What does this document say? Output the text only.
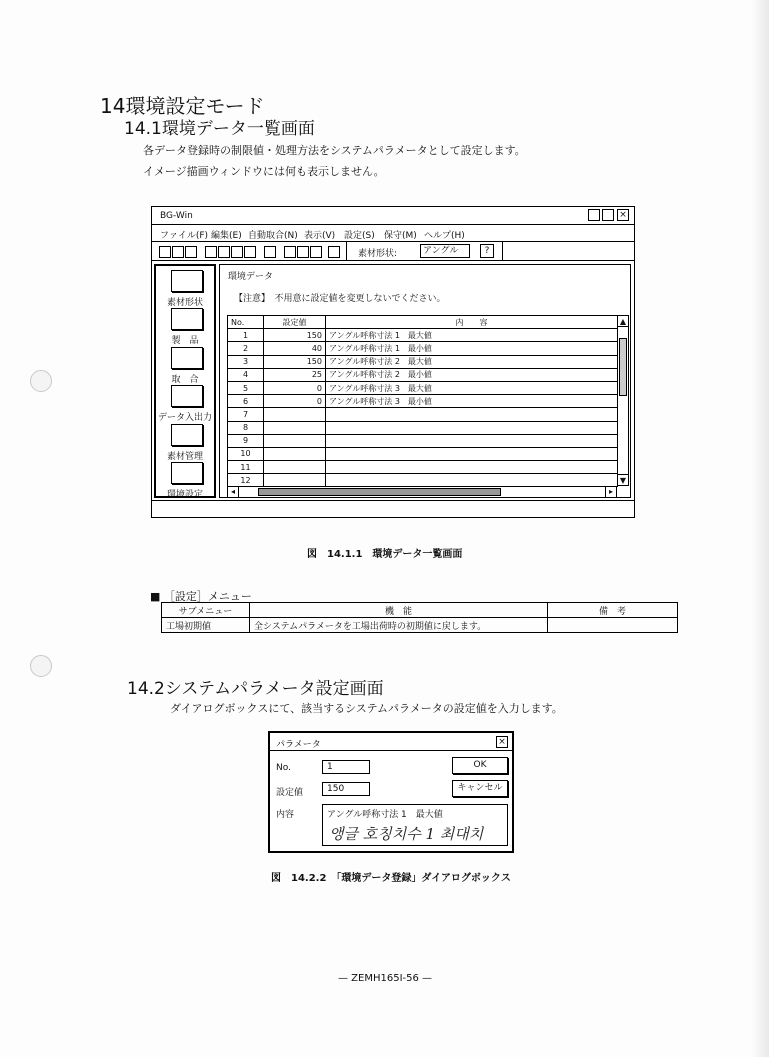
14環境設定モード
14.1環境データ一覧画面
各データ登録時の制限値・処理方法をシステムパラメータとして設定します。
イメージ描画ウィンドウには何も表示しません。
BG-Win	×
ファイル(F) 編集(E) 自動取合(N) 表示(V) 設定(S) 保守(M) ヘルプ(H)
素材形状:	アングル	?
素材形状
製　品
取　合
データ入出力
素材管理
環境設定
環境データ
【注意】　不用意に設定値を変更しないでください。
No.	設定値	内　　容
1	150	アングル呼称寸法 1　最大値
2	40	アングル呼称寸法 1　最小値
3	150	アングル呼称寸法 2　最大値
4	25	アングル呼称寸法 2　最小値
5	0	アングル呼称寸法 3　最大値
6	0	アングル呼称寸法 3　最小値
7		
8		
9		
10		
11		
12		
▲
▼
◂	▸
図　14.1.1　環境データ一覧画面
■ ［設定］メニュー
サブメニュー	機　能	備　考
工場初期値	全システムパラメータを工場出荷時の初期値に戻します。	
14.2システムパラメータ設定画面
ダイアログボックスにて、該当するシステムパラメータの設定値を入力します。
パラメータ	×
No.	1
設定値	150
OK
キャンセル
内容	アングル呼称寸法 1　最大値
앵글 호칭치수 1 최대치
図　14.2.2　「環境データ登録」ダイアログボックス
— ZEMH165I-56 —
